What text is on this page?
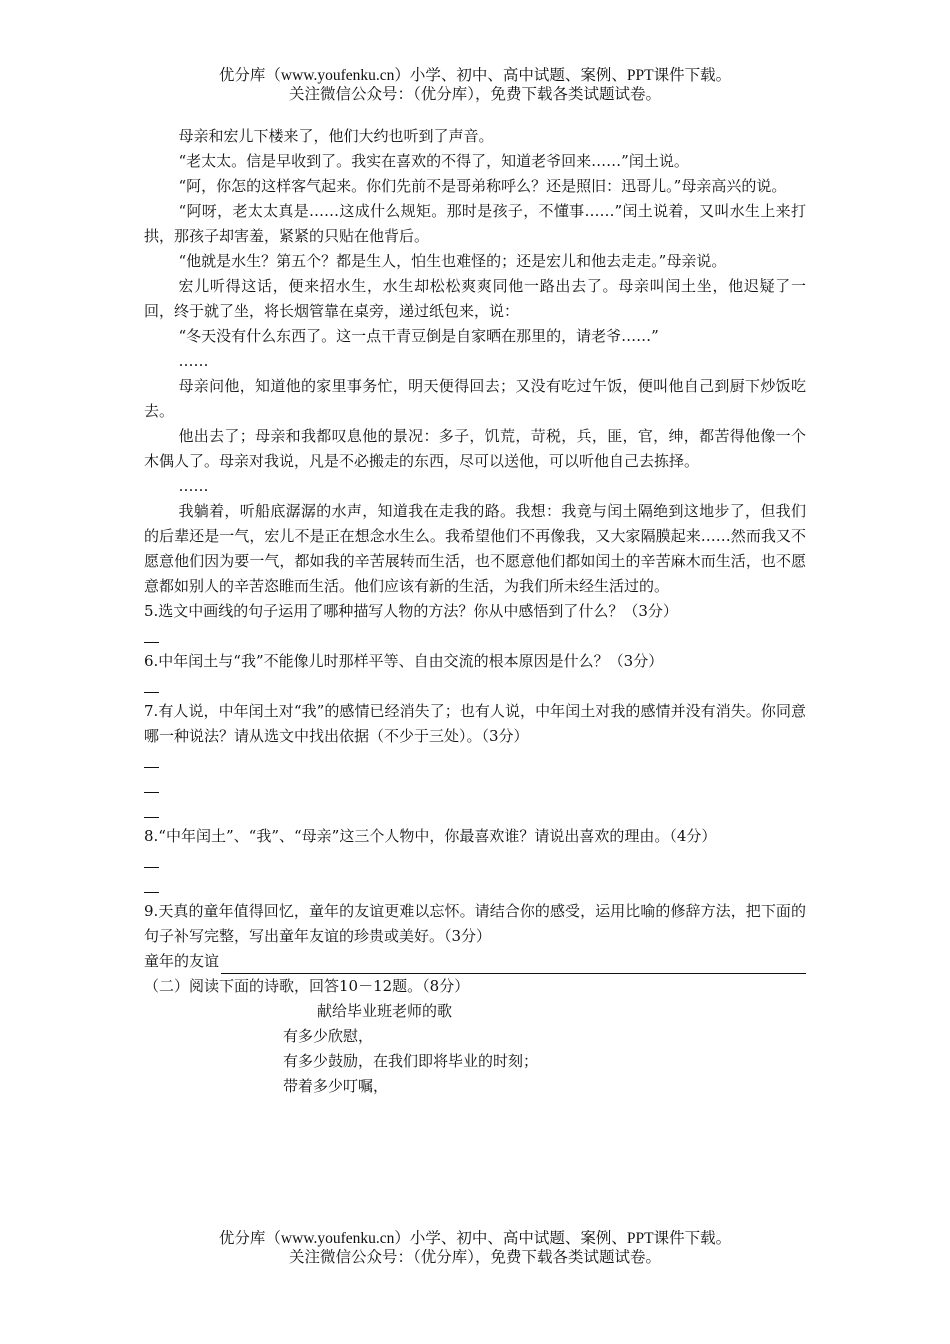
优分库（www.youfenku.cn）小学、初中、高中试题、案例、PPT课件下载。
关注微信公众号：（优分库），免费下载各类试题试卷。

母亲和宏儿下楼来了，他们大约也听到了声音。

“老太太。信是早收到了。我实在喜欢的不得了，知道老爷回来……”闰土说。

“阿，你怎的这样客气起来。你们先前不是哥弟称呼么？还是照旧：迅哥儿。”母亲高兴的说。

“阿呀，老太太真是……这成什么规矩。那时是孩子，不懂事……”闰土说着，又叫水生上来打拱，那孩子却害羞，紧紧的只贴在他背后。

“他就是水生？第五个？都是生人，怕生也难怪的；还是宏儿和他去走走。”母亲说。

宏儿听得这话，便来招水生，水生却松松爽爽同他一路出去了。母亲叫闰土坐，他迟疑了一回，终于就了坐，将长烟管靠在桌旁，递过纸包来，说：

“冬天没有什么东西了。这一点干青豆倒是自家晒在那里的，请老爷……”

……

母亲问他，知道他的家里事务忙，明天便得回去；又没有吃过午饭，便叫他自己到厨下炒饭吃去。

他出去了；母亲和我都叹息他的景况：多子，饥荒，苛税，兵，匪，官，绅，都苦得他像一个木偶人了。母亲对我说，凡是不必搬走的东西，尽可以送他，可以听他自己去拣择。

……

我躺着，听船底潺潺的水声，知道我在走我的路。我想：我竟与闰土隔绝到这地步了，但我们的后辈还是一气，宏儿不是正在想念水生么。我希望他们不再像我，又大家隔膜起来……然而我又不愿意他们因为要一气，都如我的辛苦展转而生活，也不愿意他们都如闰土的辛苦麻木而生活，也不愿意都如别人的辛苦恣睢而生活。他们应该有新的生活，为我们所未经生活过的。

5.选文中画线的句子运用了哪种描写人物的方法？你从中感悟到了什么？（3分）

6.中年闰土与“我”不能像儿时那样平等、自由交流的根本原因是什么？（3分）

7.有人说，中年闰土对“我”的感情已经消失了；也有人说，中年闰土对我的感情并没有消失。你同意哪一种说法？请从选文中找出依据（不少于三处）。（3分）

8.“中年闰土”、“我”、“母亲”这三个人物中，你最喜欢谁？请说出喜欢的理由。（4分）

9.天真的童年值得回忆，童年的友谊更难以忘怀。请结合你的感受，运用比喻的修辞方法，把下面的句子补写完整，写出童年友谊的珍贵或美好。（3分）

童年的友谊

（二）阅读下面的诗歌，回答10－12题。（8分）

献给毕业班老师的歌

有多少欣慰，

有多少鼓励，在我们即将毕业的时刻；

带着多少叮嘱，

优分库（www.youfenku.cn）小学、初中、高中试题、案例、PPT课件下载。
关注微信公众号：（优分库），免费下载各类试题试卷。
